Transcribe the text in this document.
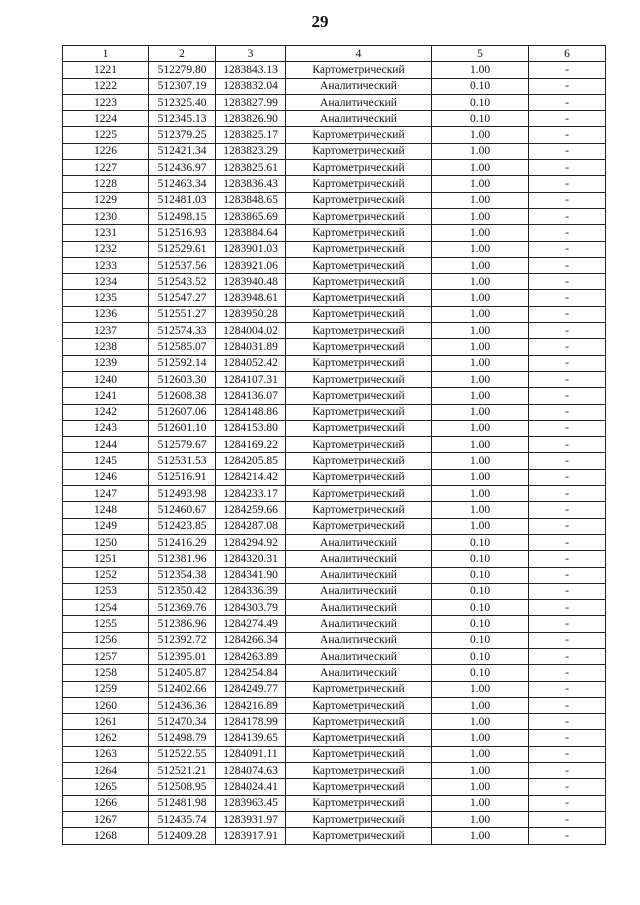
29
1	2	3	4	5	6
1221	512279.80	1283843.13	Картометрический	1.00	-
1222	512307.19	1283832.04	Аналитический	0.10	-
1223	512325.40	1283827.99	Аналитический	0.10	-
1224	512345.13	1283826.90	Аналитический	0.10	-
1225	512379.25	1283825.17	Картометрический	1.00	-
1226	512421.34	1283823.29	Картометрический	1.00	-
1227	512436.97	1283825.61	Картометрический	1.00	-
1228	512463.34	1283836.43	Картометрический	1.00	-
1229	512481.03	1283848.65	Картометрический	1.00	-
1230	512498.15	1283865.69	Картометрический	1.00	-
1231	512516.93	1283884.64	Картометрический	1.00	-
1232	512529.61	1283901.03	Картометрический	1.00	-
1233	512537.56	1283921.06	Картометрический	1.00	-
1234	512543.52	1283940.48	Картометрический	1.00	-
1235	512547.27	1283948.61	Картометрический	1.00	-
1236	512551.27	1283950.28	Картометрический	1.00	-
1237	512574.33	1284004.02	Картометрический	1.00	-
1238	512585.07	1284031.89	Картометрический	1.00	-
1239	512592.14	1284052.42	Картометрический	1.00	-
1240	512603.30	1284107.31	Картометрический	1.00	-
1241	512608.38	1284136.07	Картометрический	1.00	-
1242	512607.06	1284148.86	Картометрический	1.00	-
1243	512601.10	1284153.80	Картометрический	1.00	-
1244	512579.67	1284169.22	Картометрический	1.00	-
1245	512531.53	1284205.85	Картометрический	1.00	-
1246	512516.91	1284214.42	Картометрический	1.00	-
1247	512493.98	1284233.17	Картометрический	1.00	-
1248	512460.67	1284259.66	Картометрический	1.00	-
1249	512423.85	1284287.08	Картометрический	1.00	-
1250	512416.29	1284294.92	Аналитический	0.10	-
1251	512381.96	1284320.31	Аналитический	0.10	-
1252	512354.38	1284341.90	Аналитический	0.10	-
1253	512350.42	1284336.39	Аналитический	0.10	-
1254	512369.76	1284303.79	Аналитический	0.10	-
1255	512386.96	1284274.49	Аналитический	0.10	-
1256	512392.72	1284266.34	Аналитический	0.10	-
1257	512395.01	1284263.89	Аналитический	0.10	-
1258	512405.87	1284254.84	Аналитический	0.10	-
1259	512402.66	1284249.77	Картометрический	1.00	-
1260	512436.36	1284216.89	Картометрический	1.00	-
1261	512470.34	1284178.99	Картометрический	1.00	-
1262	512498.79	1284139.65	Картометрический	1.00	-
1263	512522.55	1284091.11	Картометрический	1.00	-
1264	512521.21	1284074.63	Картометрический	1.00	-
1265	512508.95	1284024.41	Картометрический	1.00	-
1266	512481.98	1283963.45	Картометрический	1.00	-
1267	512435.74	1283931.97	Картометрический	1.00	-
1268	512409.28	1283917.91	Картометрический	1.00	-
